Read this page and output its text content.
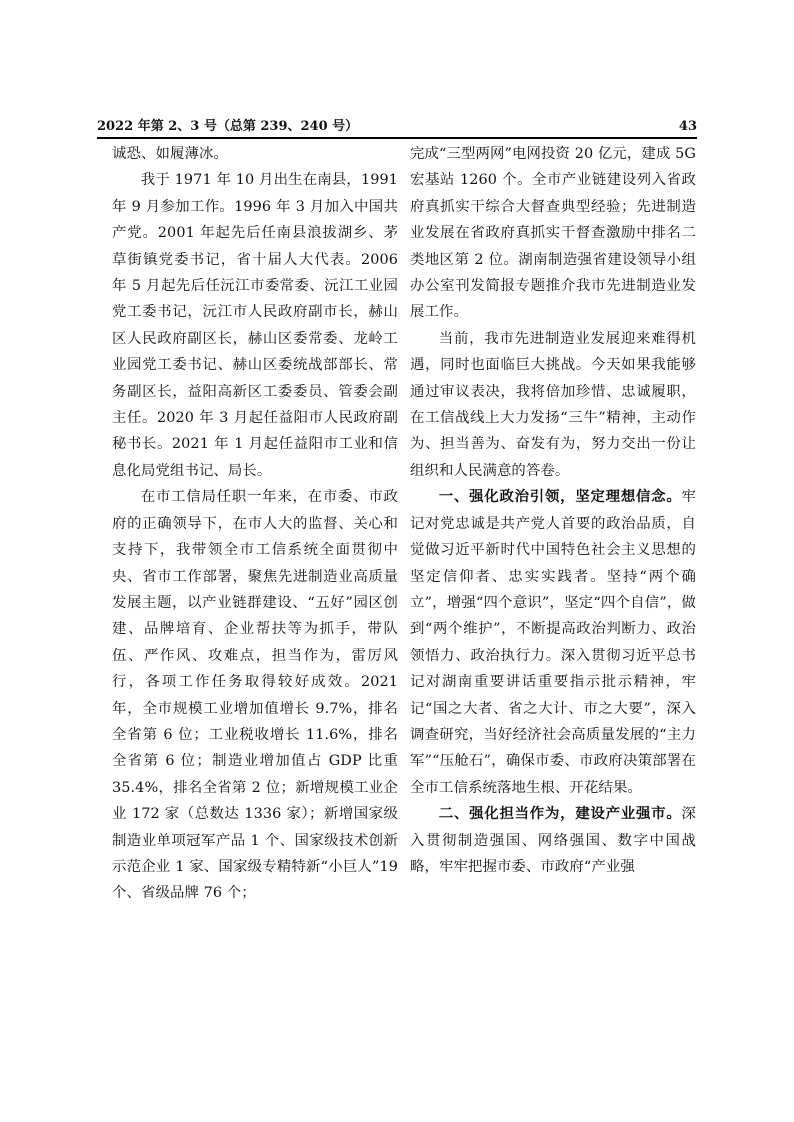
2022 年第 2、3 号（总第 239、240 号）	43

诚恐、如履薄冰。

我于 1971 年 10 月出生在南县，1991 年 9 月参加工作。1996 年 3 月加入中国共产党。2001 年起先后任南县浪拔湖乡、茅草街镇党委书记，省十届人大代表。2006 年 5 月起先后任沅江市委常委、沅江工业园党工委书记，沅江市人民政府副市长，赫山区人民政府副区长，赫山区委常委、龙岭工业园党工委书记、赫山区委统战部部长、常务副区长，益阳高新区工委委员、管委会副主任。2020 年 3 月起任益阳市人民政府副秘书长。2021 年 1 月起任益阳市工业和信息化局党组书记、局长。

在市工信局任职一年来，在市委、市政府的正确领导下，在市人大的监督、关心和支持下，我带领全市工信系统全面贯彻中央、省市工作部署，聚焦先进制造业高质量发展主题，以产业链群建设、“五好”园区创建、品牌培育、企业帮扶等为抓手，带队伍、严作风、攻难点，担当作为，雷厉风行，各项工作任务取得较好成效。2021 年，全市规模工业增加值增长 9.7%，排名全省第 6 位；工业税收增长 11.6%，排名全省第 6 位；制造业增加值占 GDP 比重 35.4%，排名全省第 2 位；新增规模工业企业 172 家（总数达 1336 家）；新增国家级制造业单项冠军产品 1 个、国家级技术创新示范企业 1 家、国家级专精特新“小巨人”19 个、省级品牌 76 个；

完成“三型两网”电网投资 20 亿元，建成 5G 宏基站 1260 个。全市产业链建设列入省政府真抓实干综合大督查典型经验；先进制造业发展在省政府真抓实干督查激励中排名二类地区第 2 位。湖南制造强省建设领导小组办公室刊发简报专题推介我市先进制造业发展工作。

当前，我市先进制造业发展迎来难得机遇，同时也面临巨大挑战。今天如果我能够通过审议表决，我将倍加珍惜、忠诚履职，在工信战线上大力发扬“三牛”精神，主动作为、担当善为、奋发有为，努力交出一份让组织和人民满意的答卷。

一、强化政治引领，坚定理想信念。牢记对党忠诚是共产党人首要的政治品质，自觉做习近平新时代中国特色社会主义思想的坚定信仰者、忠实实践者。坚持“两个确立”，增强“四个意识”，坚定“四个自信”，做到“两个维护”，不断提高政治判断力、政治领悟力、政治执行力。深入贯彻习近平总书记对湖南重要讲话重要指示批示精神，牢记“国之大者、省之大计、市之大要”，深入调查研究，当好经济社会高质量发展的“主力军”“压舱石”，确保市委、市政府决策部署在全市工信系统落地生根、开花结果。

二、强化担当作为，建设产业强市。深入贯彻制造强国、网络强国、数字中国战略，牢牢把握市委、市政府“产业强
